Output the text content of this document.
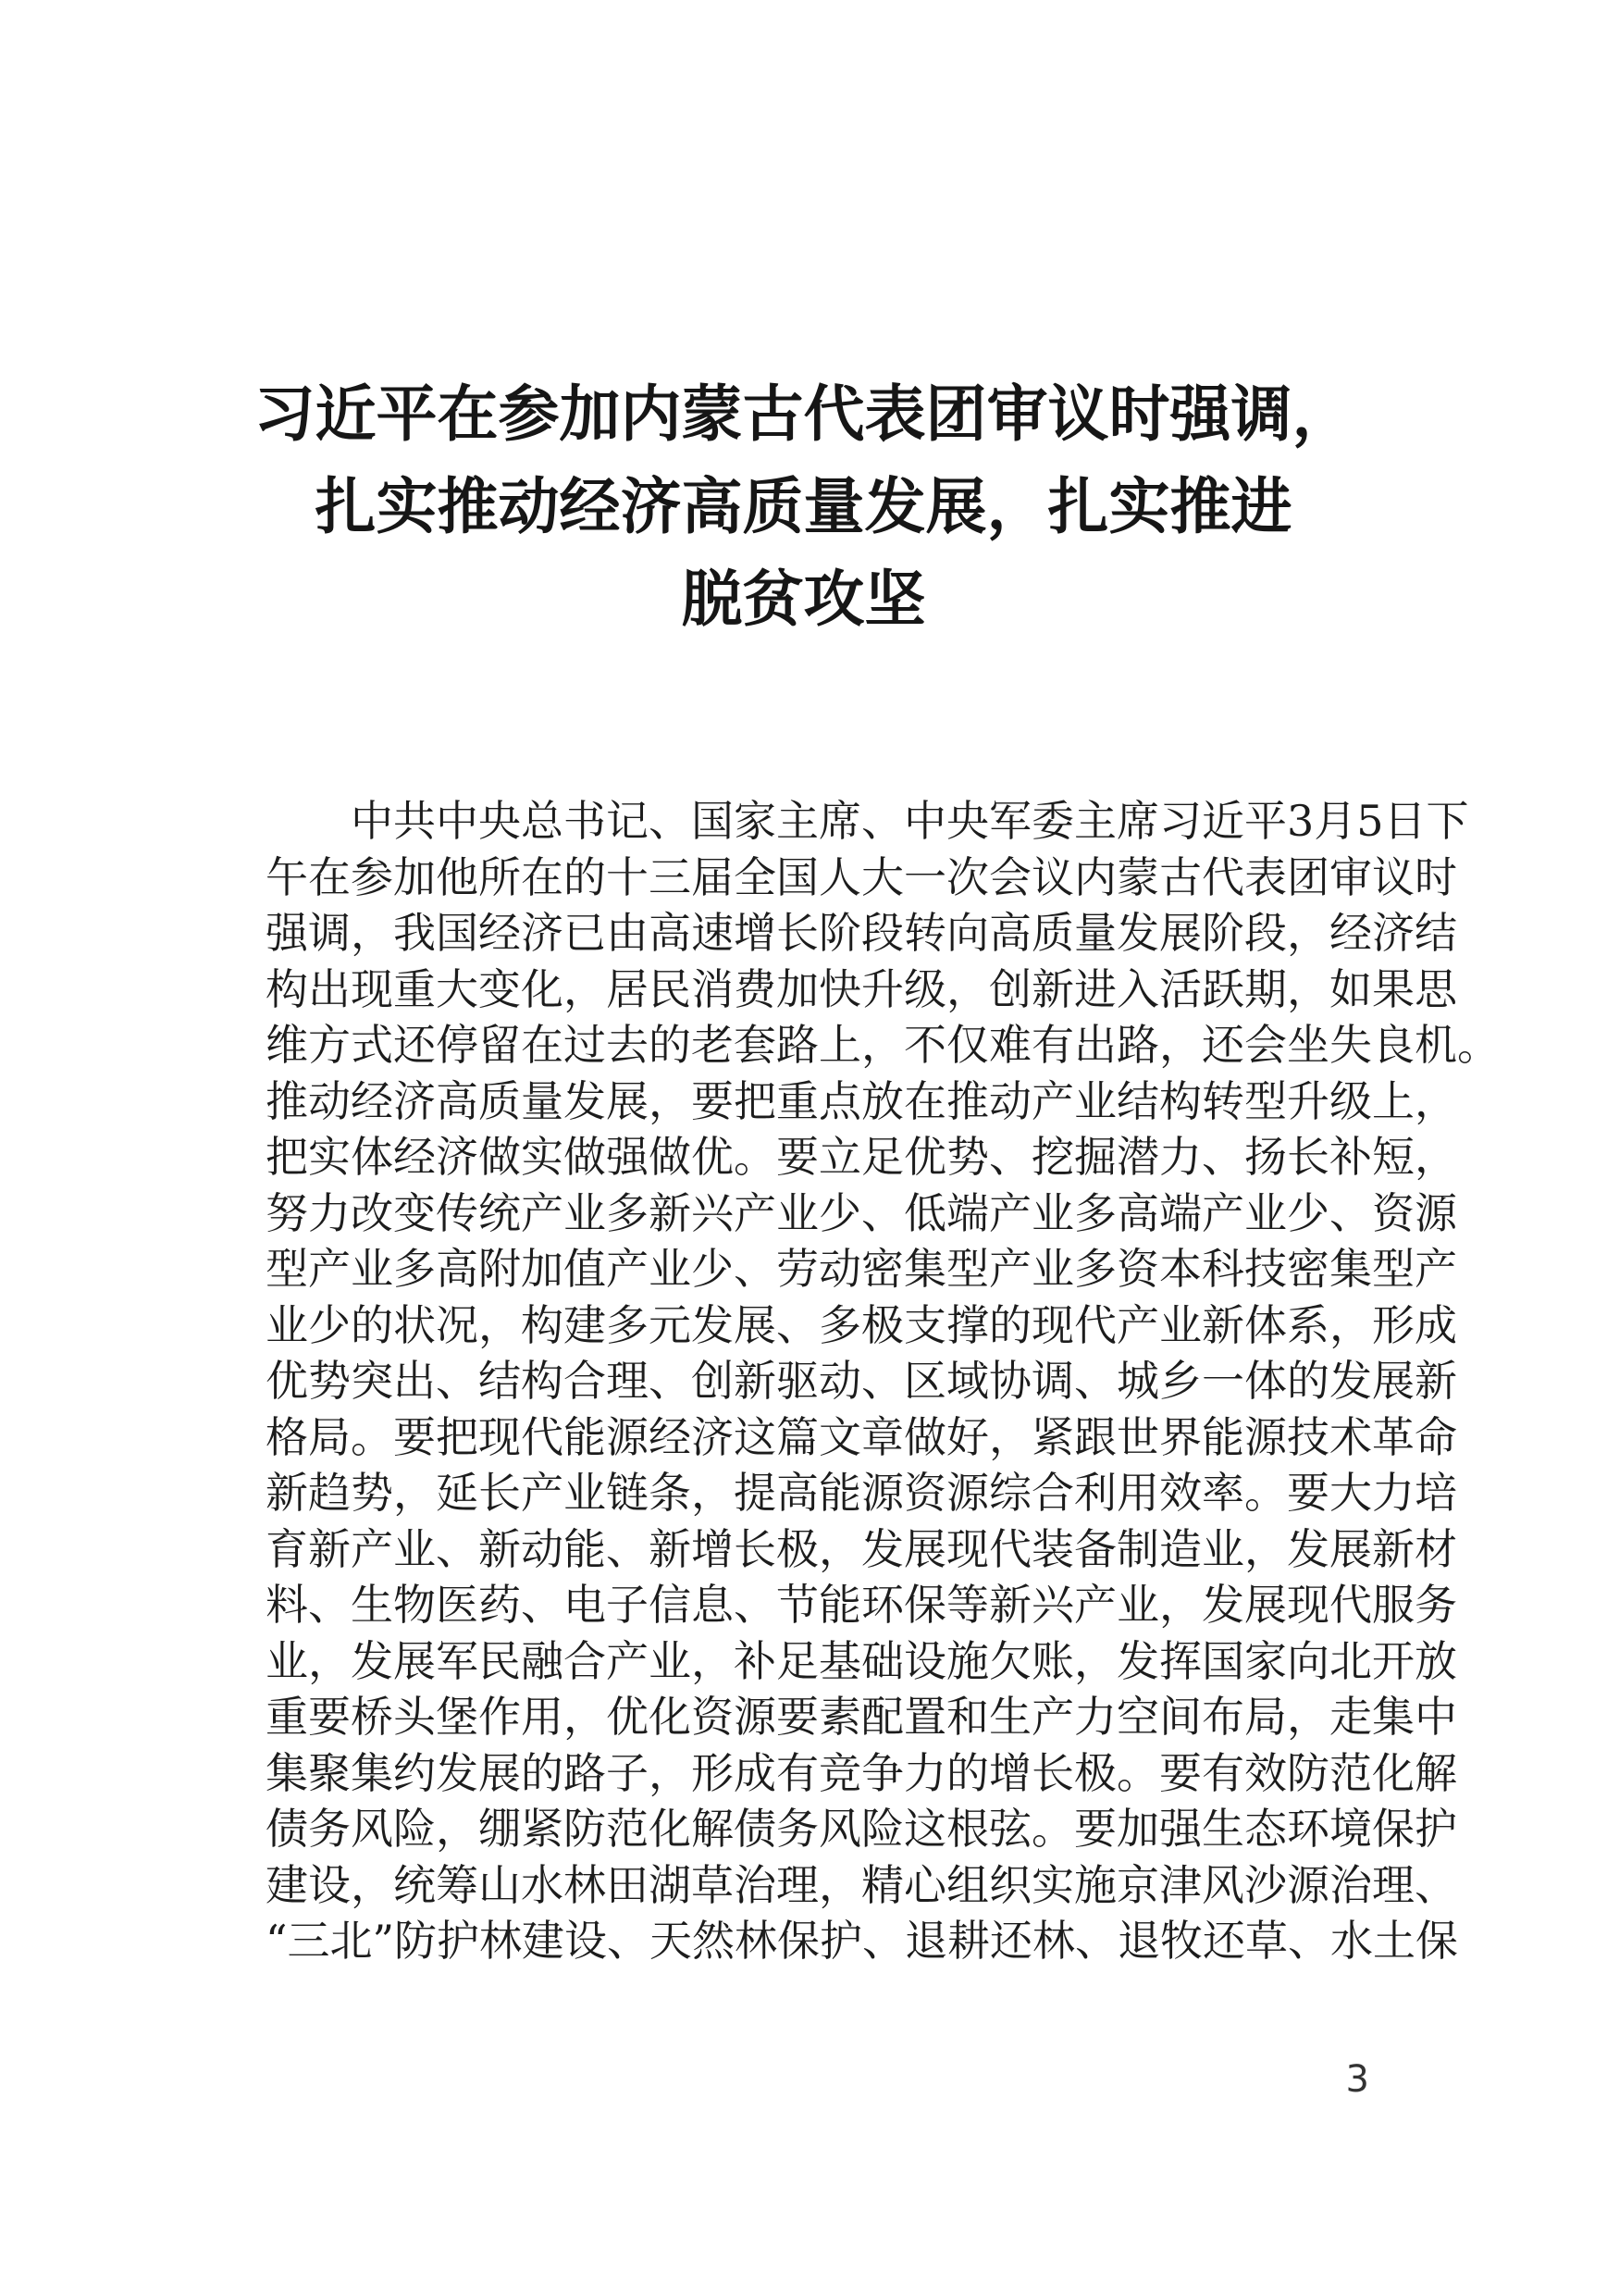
习近平在参加内蒙古代表团审议时强调，
扎实推动经济高质量发展，扎实推进
脱贫攻坚
中共中央总书记、国家主席、中央军委主席习近平3月5日下
午在参加他所在的十三届全国人大一次会议内蒙古代表团审议时
强调，我国经济已由高速增长阶段转向高质量发展阶段，经济结
构出现重大变化，居民消费加快升级，创新进入活跃期，如果思
维方式还停留在过去的老套路上，不仅难有出路，还会坐失良机。
推动经济高质量发展，要把重点放在推动产业结构转型升级上，
把实体经济做实做强做优。要立足优势、挖掘潜力、扬长补短，
努力改变传统产业多新兴产业少、低端产业多高端产业少、资源
型产业多高附加值产业少、劳动密集型产业多资本科技密集型产
业少的状况，构建多元发展、多极支撑的现代产业新体系，形成
优势突出、结构合理、创新驱动、区域协调、城乡一体的发展新
格局。要把现代能源经济这篇文章做好，紧跟世界能源技术革命
新趋势，延长产业链条，提高能源资源综合利用效率。要大力培
育新产业、新动能、新增长极，发展现代装备制造业，发展新材
料、生物医药、电子信息、节能环保等新兴产业，发展现代服务
业，发展军民融合产业，补足基础设施欠账，发挥国家向北开放
重要桥头堡作用，优化资源要素配置和生产力空间布局，走集中
集聚集约发展的路子，形成有竞争力的增长极。要有效防范化解
债务风险，绷紧防范化解债务风险这根弦。要加强生态环境保护
建设，统筹山水林田湖草治理，精心组织实施京津风沙源治理、
“三北”防护林建设、天然林保护、退耕还林、退牧还草、水土保
3
